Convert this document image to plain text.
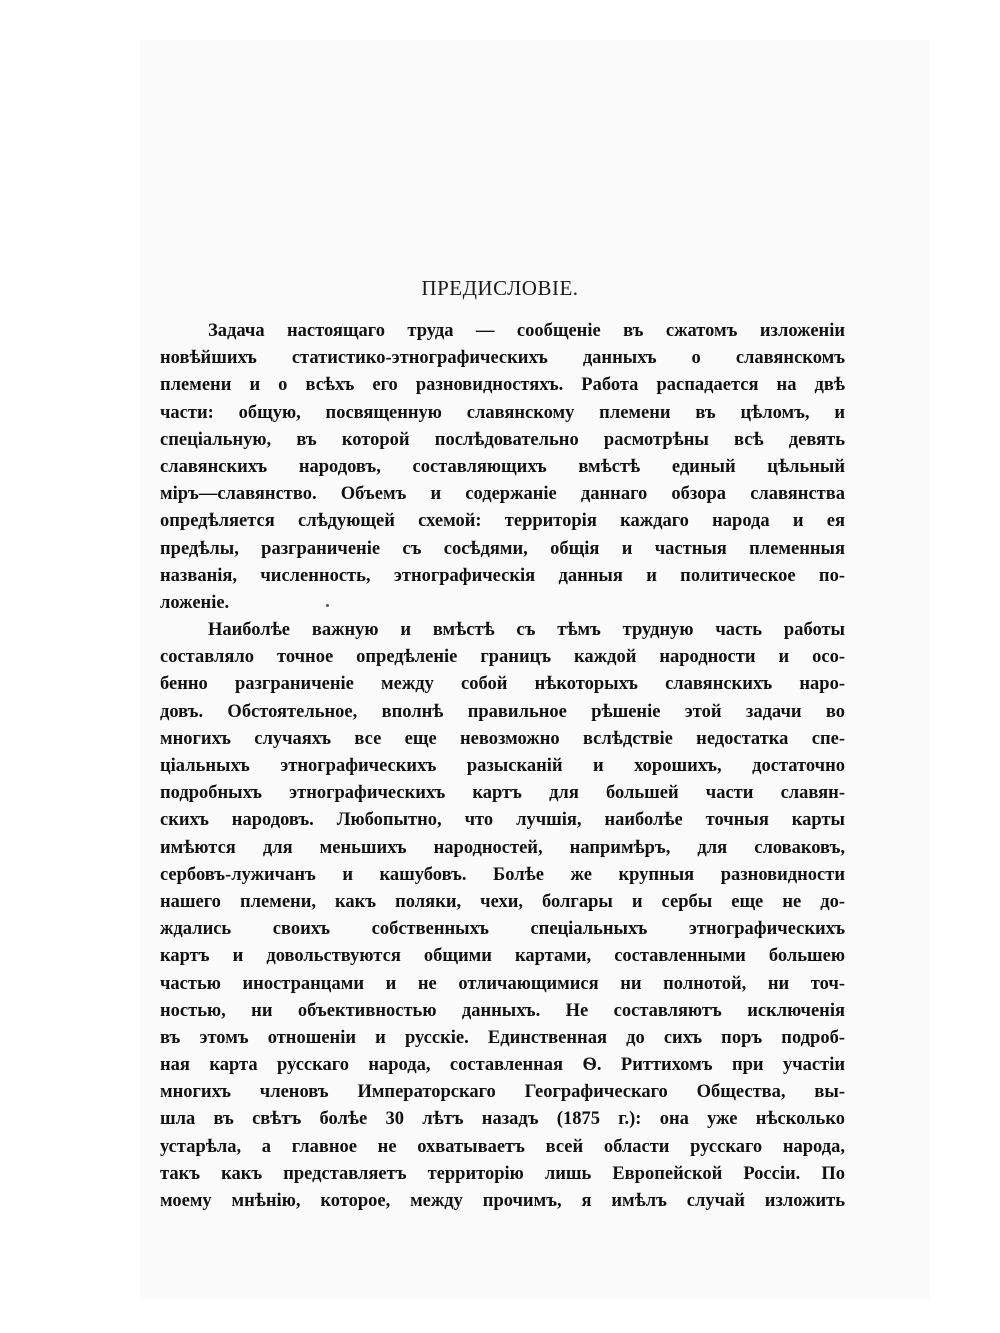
ПРЕДИСЛОВІЕ.
Задача настоящаго труда — сообщеніе въ сжатомъ изложеніи
новѣйшихъ статистико-этнографическихъ данныхъ о славянскомъ
племени и о всѣхъ его разновидностяхъ. Работа распадается на двѣ
части: общую, посвященную славянскому племени въ цѣломъ, и
спеціальную, въ которой послѣдовательно расмотрѣны всѣ девять
славянскихъ народовъ, составляющихъ вмѣстѣ единый цѣльный
міръ—славянство. Объемъ и содержаніе даннаго обзора славянства
опредѣляется слѣдующей схемой: территорія каждаго народа и ея
предѣлы, разграниченіе съ сосѣдями, общія и частныя племенныя
названія, численность, этнографическія данныя и политическое по-
ложеніе.
Наиболѣе важную и вмѣстѣ съ тѣмъ трудную часть работы
составляло точное опредѣленіе границъ каждой народности и осо-
бенно разграниченіе между собой нѣкоторыхъ славянскихъ наро-
довъ. Обстоятельное, вполнѣ правильное рѣшеніе этой задачи во
многихъ случаяхъ все еще невозможно вслѣдствіе недостатка спе-
ціальныхъ этнографическихъ разысканій и хорошихъ, достаточно
подробныхъ этнографическихъ картъ для большей части славян-
скихъ народовъ. Любопытно, что лучшія, наиболѣе точныя карты
имѣются для меньшихъ народностей, напримѣръ, для словаковъ,
сербовъ-лужичанъ и кашубовъ. Болѣе же крупныя разновидности
нашего племени, какъ поляки, чехи, болгары и сербы еще не до-
ждались своихъ собственныхъ спеціальныхъ этнографическихъ
картъ и довольствуются общими картами, составленными большею
частью иностранцами и не отличающимися ни полнотой, ни точ-
ностью, ни объективностью данныхъ. Не составляютъ исключенія
въ этомъ отношеніи и русскіе. Единственная до сихъ поръ подроб-
ная карта русскаго народа, составленная Ѳ. Риттихомъ при участіи
многихъ членовъ Императорскаго Географическаго Общества, вы-
шла въ свѣтъ болѣе 30 лѣтъ назадъ (1875 г.): она уже нѣсколько
устарѣла, а главное не охватываетъ всей области русскаго народа,
такъ какъ представляетъ территорію лишь Европейской Россіи. По
моему мнѣнію, которое, между прочимъ, я имѣлъ случай изложить
